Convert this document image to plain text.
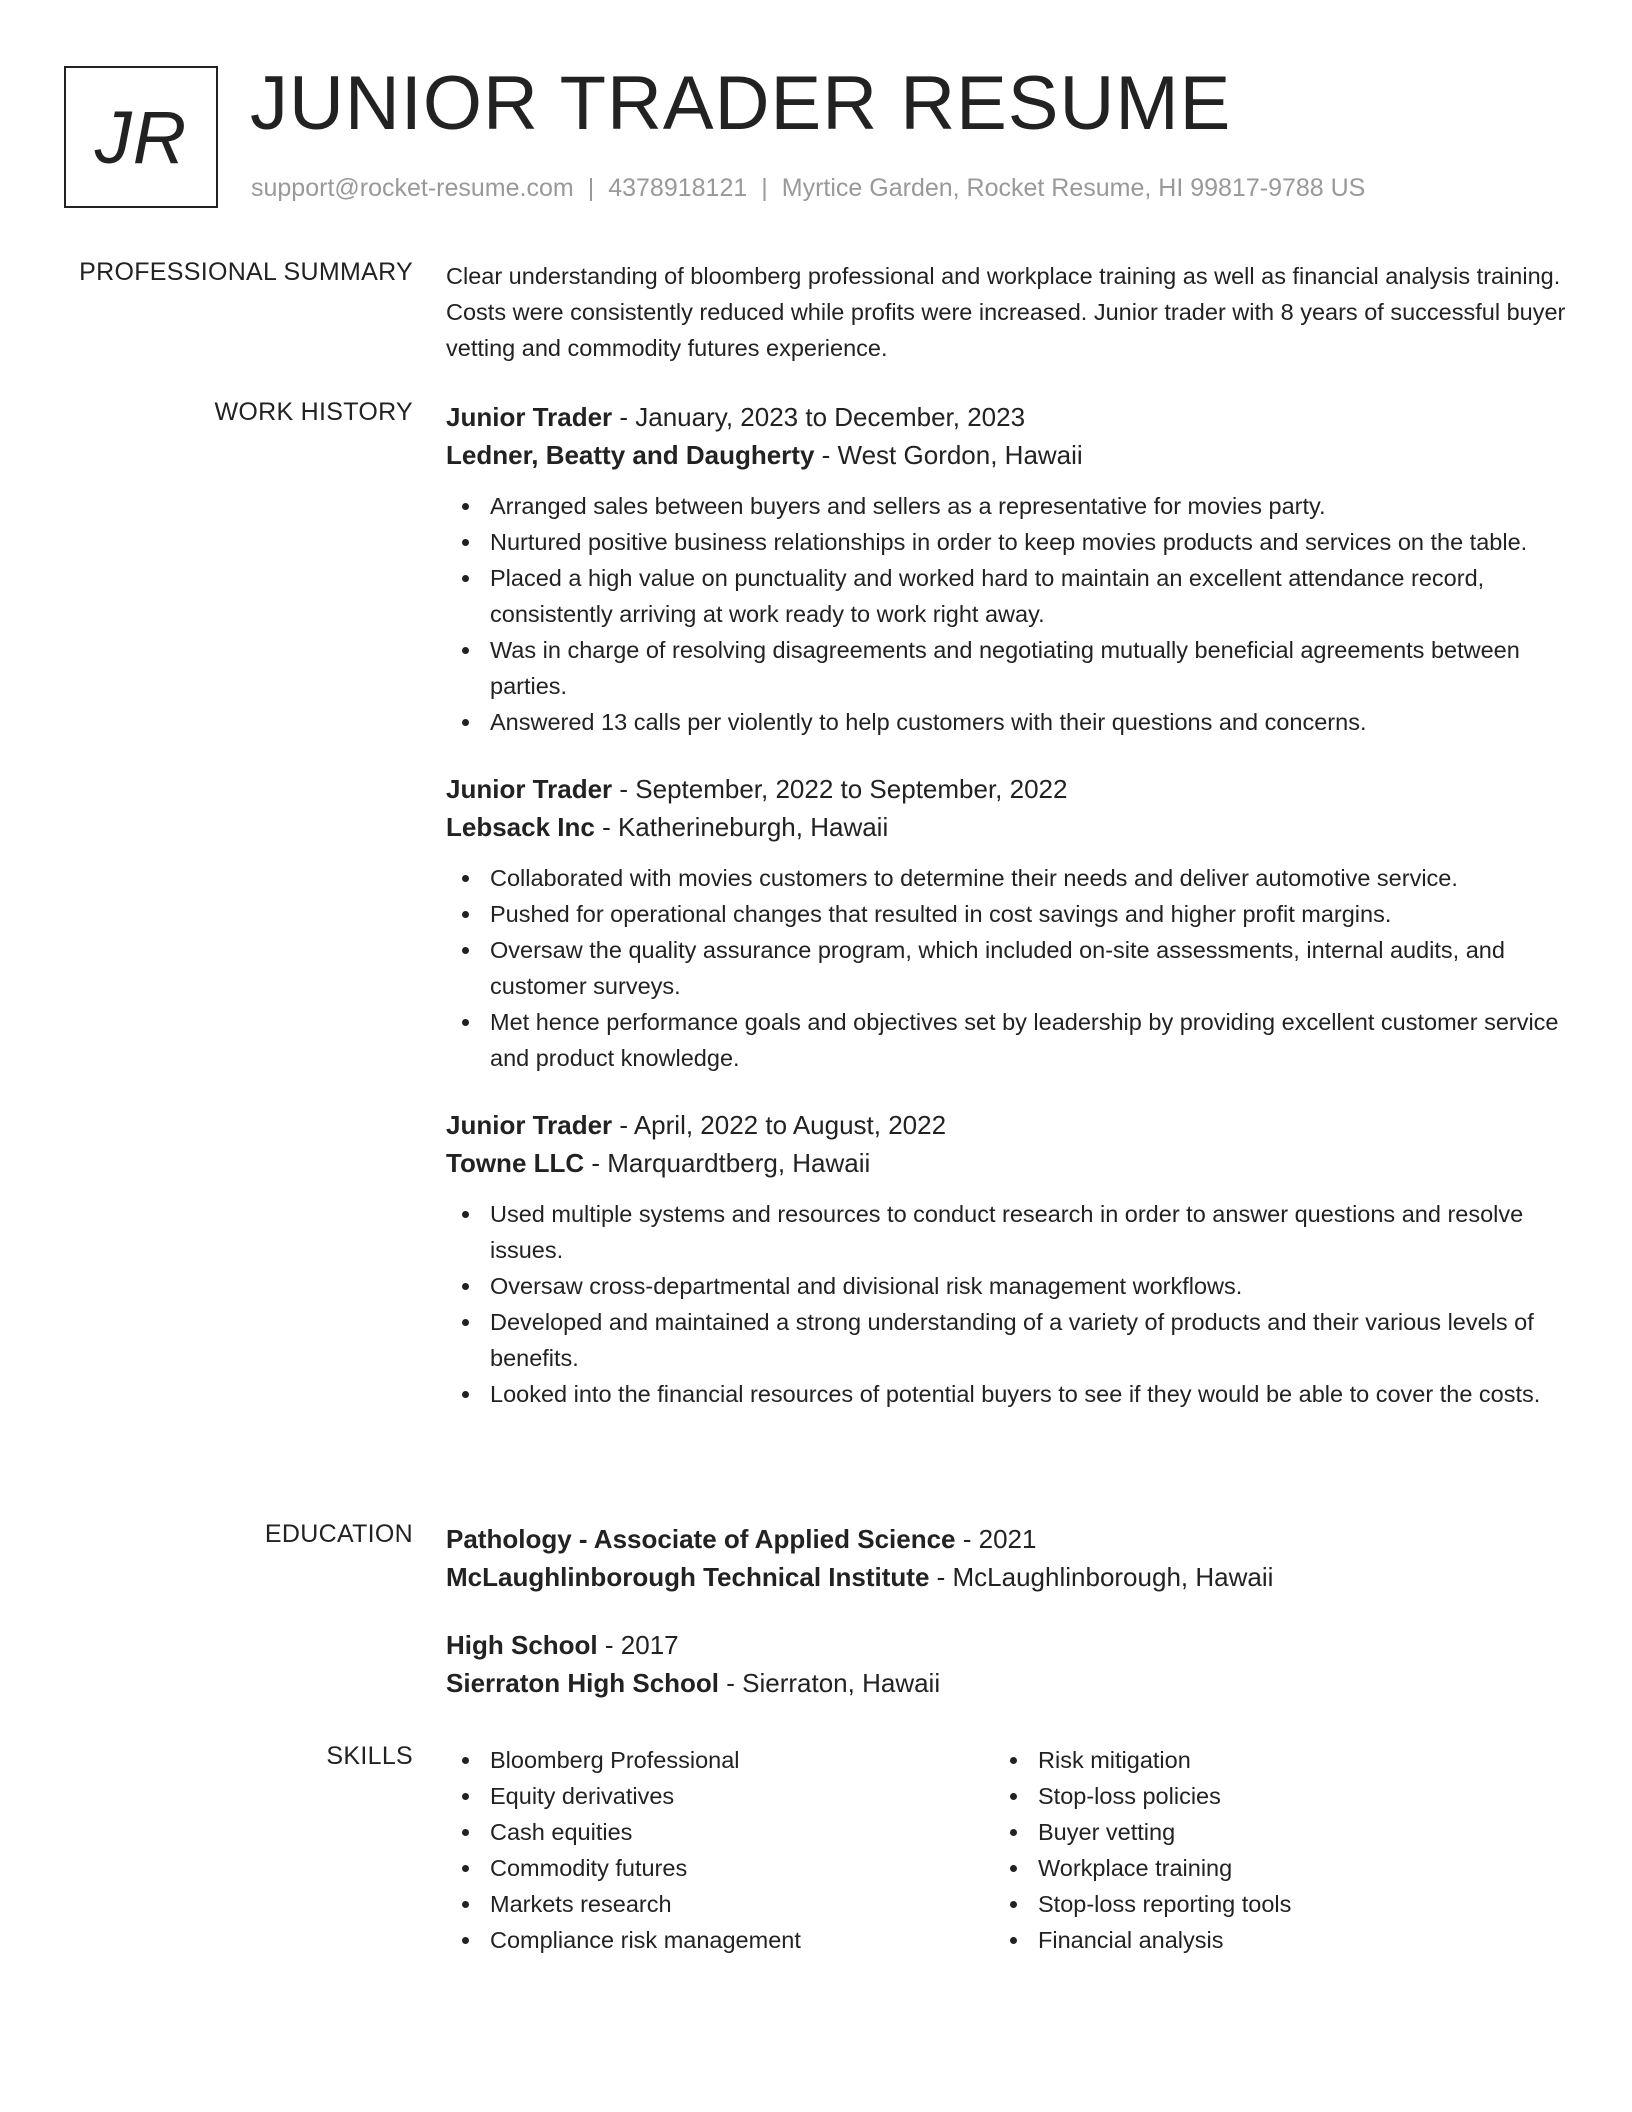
JR JUNIOR TRADER RESUME
support@rocket-resume.com | 4378918121 | Myrtice Garden, Rocket Resume, HI 99817-9788 US
PROFESSIONAL SUMMARY Clear understanding of bloomberg professional and workplace training as well as financial analysis training. Costs were consistently reduced while profits were increased. Junior trader with 8 years of successful buyer vetting and commodity futures experience.

WORK HISTORY Junior Trader - January, 2023 to December, 2023
Ledner, Beatty and Daugherty - West Gordon, Hawaii
Arranged sales between buyers and sellers as a representative for movies party.
Nurtured positive business relationships in order to keep movies products and services on the table.
Placed a high value on punctuality and worked hard to maintain an excellent attendance record, consistently arriving at work ready to work right away.
Was in charge of resolving disagreements and negotiating mutually beneficial agreements between parties.
Answered 13 calls per violently to help customers with their questions and concerns.
Junior Trader - September, 2022 to September, 2022
Lebsack Inc - Katherineburgh, Hawaii
Collaborated with movies customers to determine their needs and deliver automotive service.
Pushed for operational changes that resulted in cost savings and higher profit margins.
Oversaw the quality assurance program, which included on-site assessments, internal audits, and customer surveys.
Met hence performance goals and objectives set by leadership by providing excellent customer service and product knowledge.
Junior Trader - April, 2022 to August, 2022
Towne LLC - Marquardtberg, Hawaii
Used multiple systems and resources to conduct research in order to answer questions and resolve issues.
Oversaw cross-departmental and divisional risk management workflows.
Developed and maintained a strong understanding of a variety of products and their various levels of benefits.
Looked into the financial resources of potential buyers to see if they would be able to cover the costs.
EDUCATION Pathology - Associate of Applied Science - 2021
McLaughlinborough Technical Institute - McLaughlinborough, Hawaii
High School - 2017
Sierraton High School - Sierraton, Hawaii
SKILLS	Bloomberg Professional
Equity derivatives
Cash equities
Commodity futures
Markets research
Compliance risk management
Risk mitigation
Stop-loss policies
Buyer vetting
Workplace training
Stop-loss reporting tools
Financial analysis
